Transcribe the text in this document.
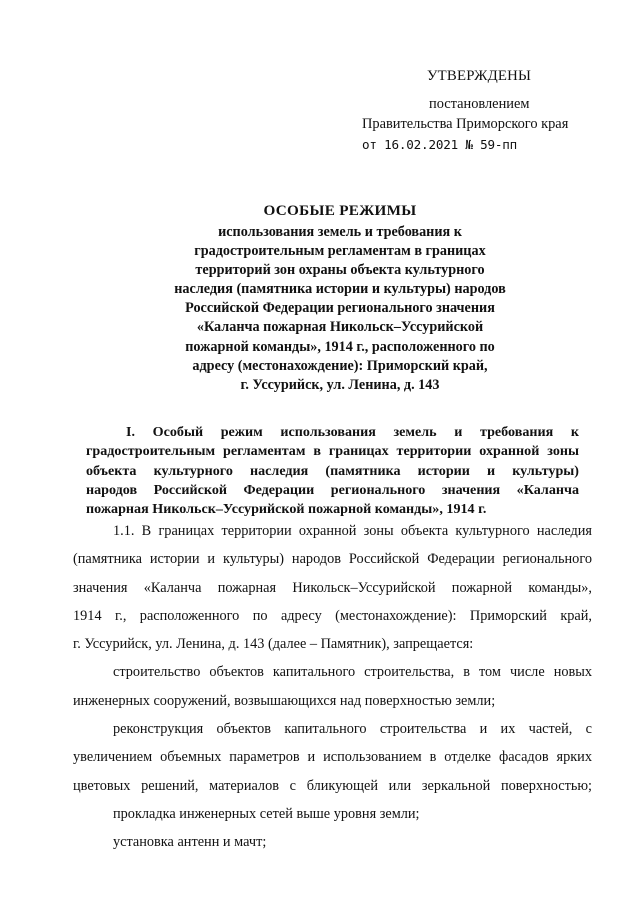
УТВЕРЖДЕНЫ
постановлением
Правительства Приморского края
от 16.02.2021 № 59-пп
ОСОБЫЕ РЕЖИМЫ
использования земель и требования к
градостроительным регламентам в границах
территорий зон охраны объекта культурного
наследия (памятника истории и культуры) народов
Российской Федерации регионального значения
«Каланча пожарная Никольск–Уссурийской
пожарной команды», 1914 г., расположенного по
адресу (местонахождение): Приморский край,
г. Уссурийск, ул. Ленина, д. 143
I. Особый режим использования земель и требования к
градостроительным регламентам в границах территории охранной зоны
объекта культурного наследия (памятника истории и культуры)
народов Российской Федерации регионального значения «Каланча
пожарная Никольск–Уссурийской пожарной команды», 1914 г.
1.1. В границах территории охранной зоны объекта культурного наследия
(памятника истории и культуры) народов Российской Федерации регионального
значения «Каланча пожарная Никольск–Уссурийской пожарной команды»,
1914 г., расположенного по адресу (местонахождение): Приморский край,
г. Уссурийск, ул. Ленина, д. 143 (далее – Памятник), запрещается:
строительство объектов капитального строительства, в том числе новых
инженерных сооружений, возвышающихся над поверхностью земли;
реконструкция объектов капитального строительства и их частей, с
увеличением объемных параметров и использованием в отделке фасадов ярких
цветовых решений, материалов с бликующей или зеркальной поверхностью;
прокладка инженерных сетей выше уровня земли;
установка антенн и мачт;
